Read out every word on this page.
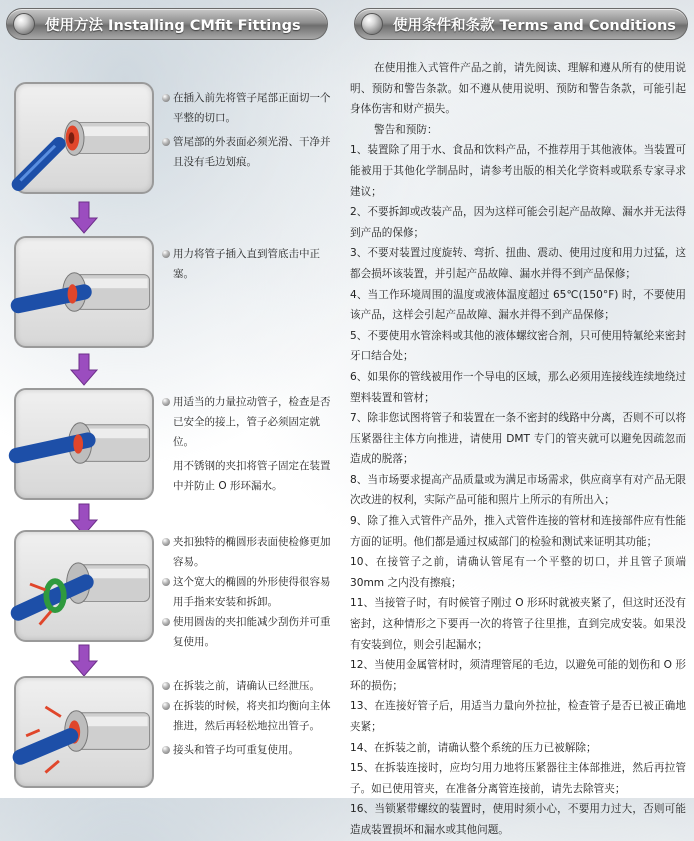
使用方法 Installing CMfit Fittings	使用条件和条款 Terms and Conditions

在插入前先将管子尾部正面切一个平整的切口。

管尾部的外表面必须光滑、干净并且没有毛边划痕。

用力将管子插入直到管底击中正塞。

用适当的力量拉动管子，检查是否已安全的接上，管子必须固定就位。

用不锈钢的夹扣将管子固定在装置中并防止 O 形环漏水。

夹扣独特的椭圆形表面使检修更加容易。

这个宽大的椭圆的外形使得很容易用手指来安装和拆卸。

使用圆齿的夹扣能减少刮伤并可重复使用。

在拆装之前，请确认已经泄压。

在拆装的时候，将夹扣均衡向主体推进，然后再轻松地拉出管子。

接头和管子均可重复使用。

在使用推入式管件产品之前，请先阅读、理解和遵从所有的使用说明、预防和警告条款。如不遵从使用说明、预防和警告条款，可能引起身体伤害和财产损失。

警告和预防：

1、装置除了用于水、食品和饮料产品，不推荐用于其他液体。当装置可能被用于其他化学制品时，请参考出版的相关化学资料或联系专家寻求建议；

2、不要拆卸或改装产品，因为这样可能会引起产品故障、漏水并无法得到产品的保修；

3、不要对装置过度旋转、弯折、扭曲、震动、使用过度和用力过猛，这都会损坏该装置，并引起产品故障、漏水并得不到产品保修；

4、当工作环境周围的温度或液体温度超过 65℃(150°F) 时，不要使用该产品，这样会引起产品故障、漏水并得不到产品保修；

5、不要使用水管涂料或其他的液体螺纹密合剂，只可使用特氟纶来密封牙口结合处；

6、如果你的管线被用作一个导电的区域，那么必须用连接线连续地绕过塑料装置和管材；

7、除非您试图将管子和装置在一条不密封的线路中分离，否则不可以将压紧器往主体方向推进，请使用 DMT 专门的管夹就可以避免因疏忽而造成的脱落；

8、当市场要求提高产品质量或为满足市场需求，供应商享有对产品无限次改进的权利，实际产品可能和照片上所示的有所出入；

9、除了推入式管件产品外，推入式管件连接的管材和连接部件应有性能方面的证明。他们都是通过权威部门的检验和测试来证明其功能；

10、在接管子之前，请确认管尾有一个平整的切口，并且管子顶端 30mm 之内没有擦痕；

11、当接管子时，有时候管子刚过 O 形环时就被夹紧了，但这时还没有密封，这种情形之下要再一次的将管子往里推，直到完成安装。如果没有安装到位，则会引起漏水；

12、当使用金属管材时，须清理管尾的毛边，以避免可能的划伤和 O 形环的损伤；

13、在连接好管子后，用适当力量向外拉扯，检查管子是否已被正确地夹紧；

14、在拆装之前，请确认整个系统的压力已被解除；

15、在拆装连接时，应均匀用力地将压紧器往主体部推进，然后再拉管子。如已使用管夹，在准备分离管连接前，请先去除管夹；

16、当锁紧带螺纹的装置时，使用时须小心，不要用力过大，否则可能造成装置损坏和漏水或其他问题。
